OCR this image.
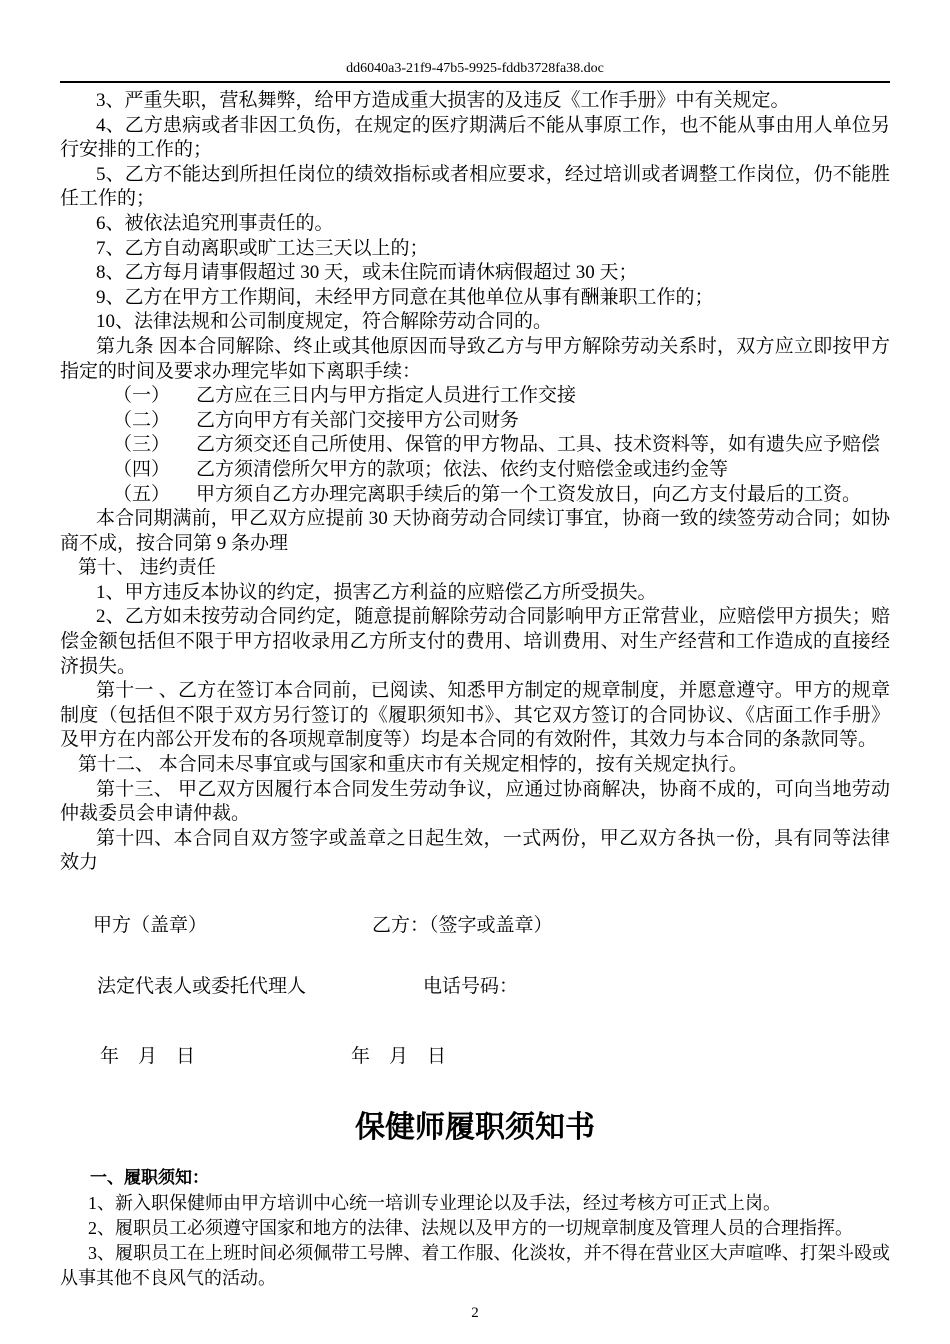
dd6040a3-21f9-47b5-9925-fddb3728fa38.doc

3、严重失职，营私舞弊，给甲方造成重大损害的及违反《工作手册》中有关规定。

4、乙方患病或者非因工负伤，在规定的医疗期满后不能从事原工作，也不能从事由用人单位另行安排的工作的；

5、乙方不能达到所担任岗位的绩效指标或者相应要求，经过培训或者调整工作岗位，仍不能胜任工作的；

6、被依法追究刑事责任的。

7、乙方自动离职或旷工达三天以上的；

8、乙方每月请事假超过 30 天，或未住院而请休病假超过 30 天；

9、乙方在甲方工作期间，未经甲方同意在其他单位从事有酬兼职工作的；

10、法律法规和公司制度规定，符合解除劳动合同的。

第九条 因本合同解除、终止或其他原因而导致乙方与甲方解除劳动关系时，双方应立即按甲方指定的时间及要求办理完毕如下离职手续：

（一） 乙方应在三日内与甲方指定人员进行工作交接

（二） 乙方向甲方有关部门交接甲方公司财务

（三） 乙方须交还自己所使用、保管的甲方物品、工具、技术资料等，如有遗失应予赔偿

（四） 乙方须清偿所欠甲方的款项；依法、依约支付赔偿金或违约金等

（五） 甲方须自乙方办理完离职手续后的第一个工资发放日，向乙方支付最后的工资。

本合同期满前，甲乙双方应提前 30 天协商劳动合同续订事宜，协商一致的续签劳动合同；如协商不成，按合同第 9 条办理

第十、 违约责任

1、甲方违反本协议的约定，损害乙方利益的应赔偿乙方所受损失。

2、乙方如未按劳动合同约定，随意提前解除劳动合同影响甲方正常营业，应赔偿甲方损失；赔偿金额包括但不限于甲方招收录用乙方所支付的费用、培训费用、对生产经营和工作造成的直接经济损失。

第十一 、乙方在签订本合同前，已阅读、知悉甲方制定的规章制度，并愿意遵守。甲方的规章制度（包括但不限于双方另行签订的《履职须知书》、其它双方签订的合同协议、《店面工作手册》及甲方在内部公开发布的各项规章制度等）均是本合同的有效附件，其效力与本合同的条款同等。

第十二、 本合同未尽事宜或与国家和重庆市有关规定相悖的，按有关规定执行。

第十三、 甲乙双方因履行本合同发生劳动争议，应通过协商解决，协商不成的，可向当地劳动仲裁委员会申请仲裁。

第十四、本合同自双方签字或盖章之日起生效，一式两份，甲乙双方各执一份，具有同等法律效力

甲方（盖章）	乙方：（签字或盖章）
法定代表人或委托代理人	电话号码：
年　月　日	年　月　日
保健师履职须知书

一、履职须知：

1、新入职保健师由甲方培训中心统一培训专业理论以及手法，经过考核方可正式上岗。

2、履职员工必须遵守国家和地方的法律、法规以及甲方的一切规章制度及管理人员的合理指挥。

3、履职员工在上班时间必须佩带工号牌、着工作服、化淡妆，并不得在营业区大声喧哗、打架斗殴或从事其他不良风气的活动。

2
